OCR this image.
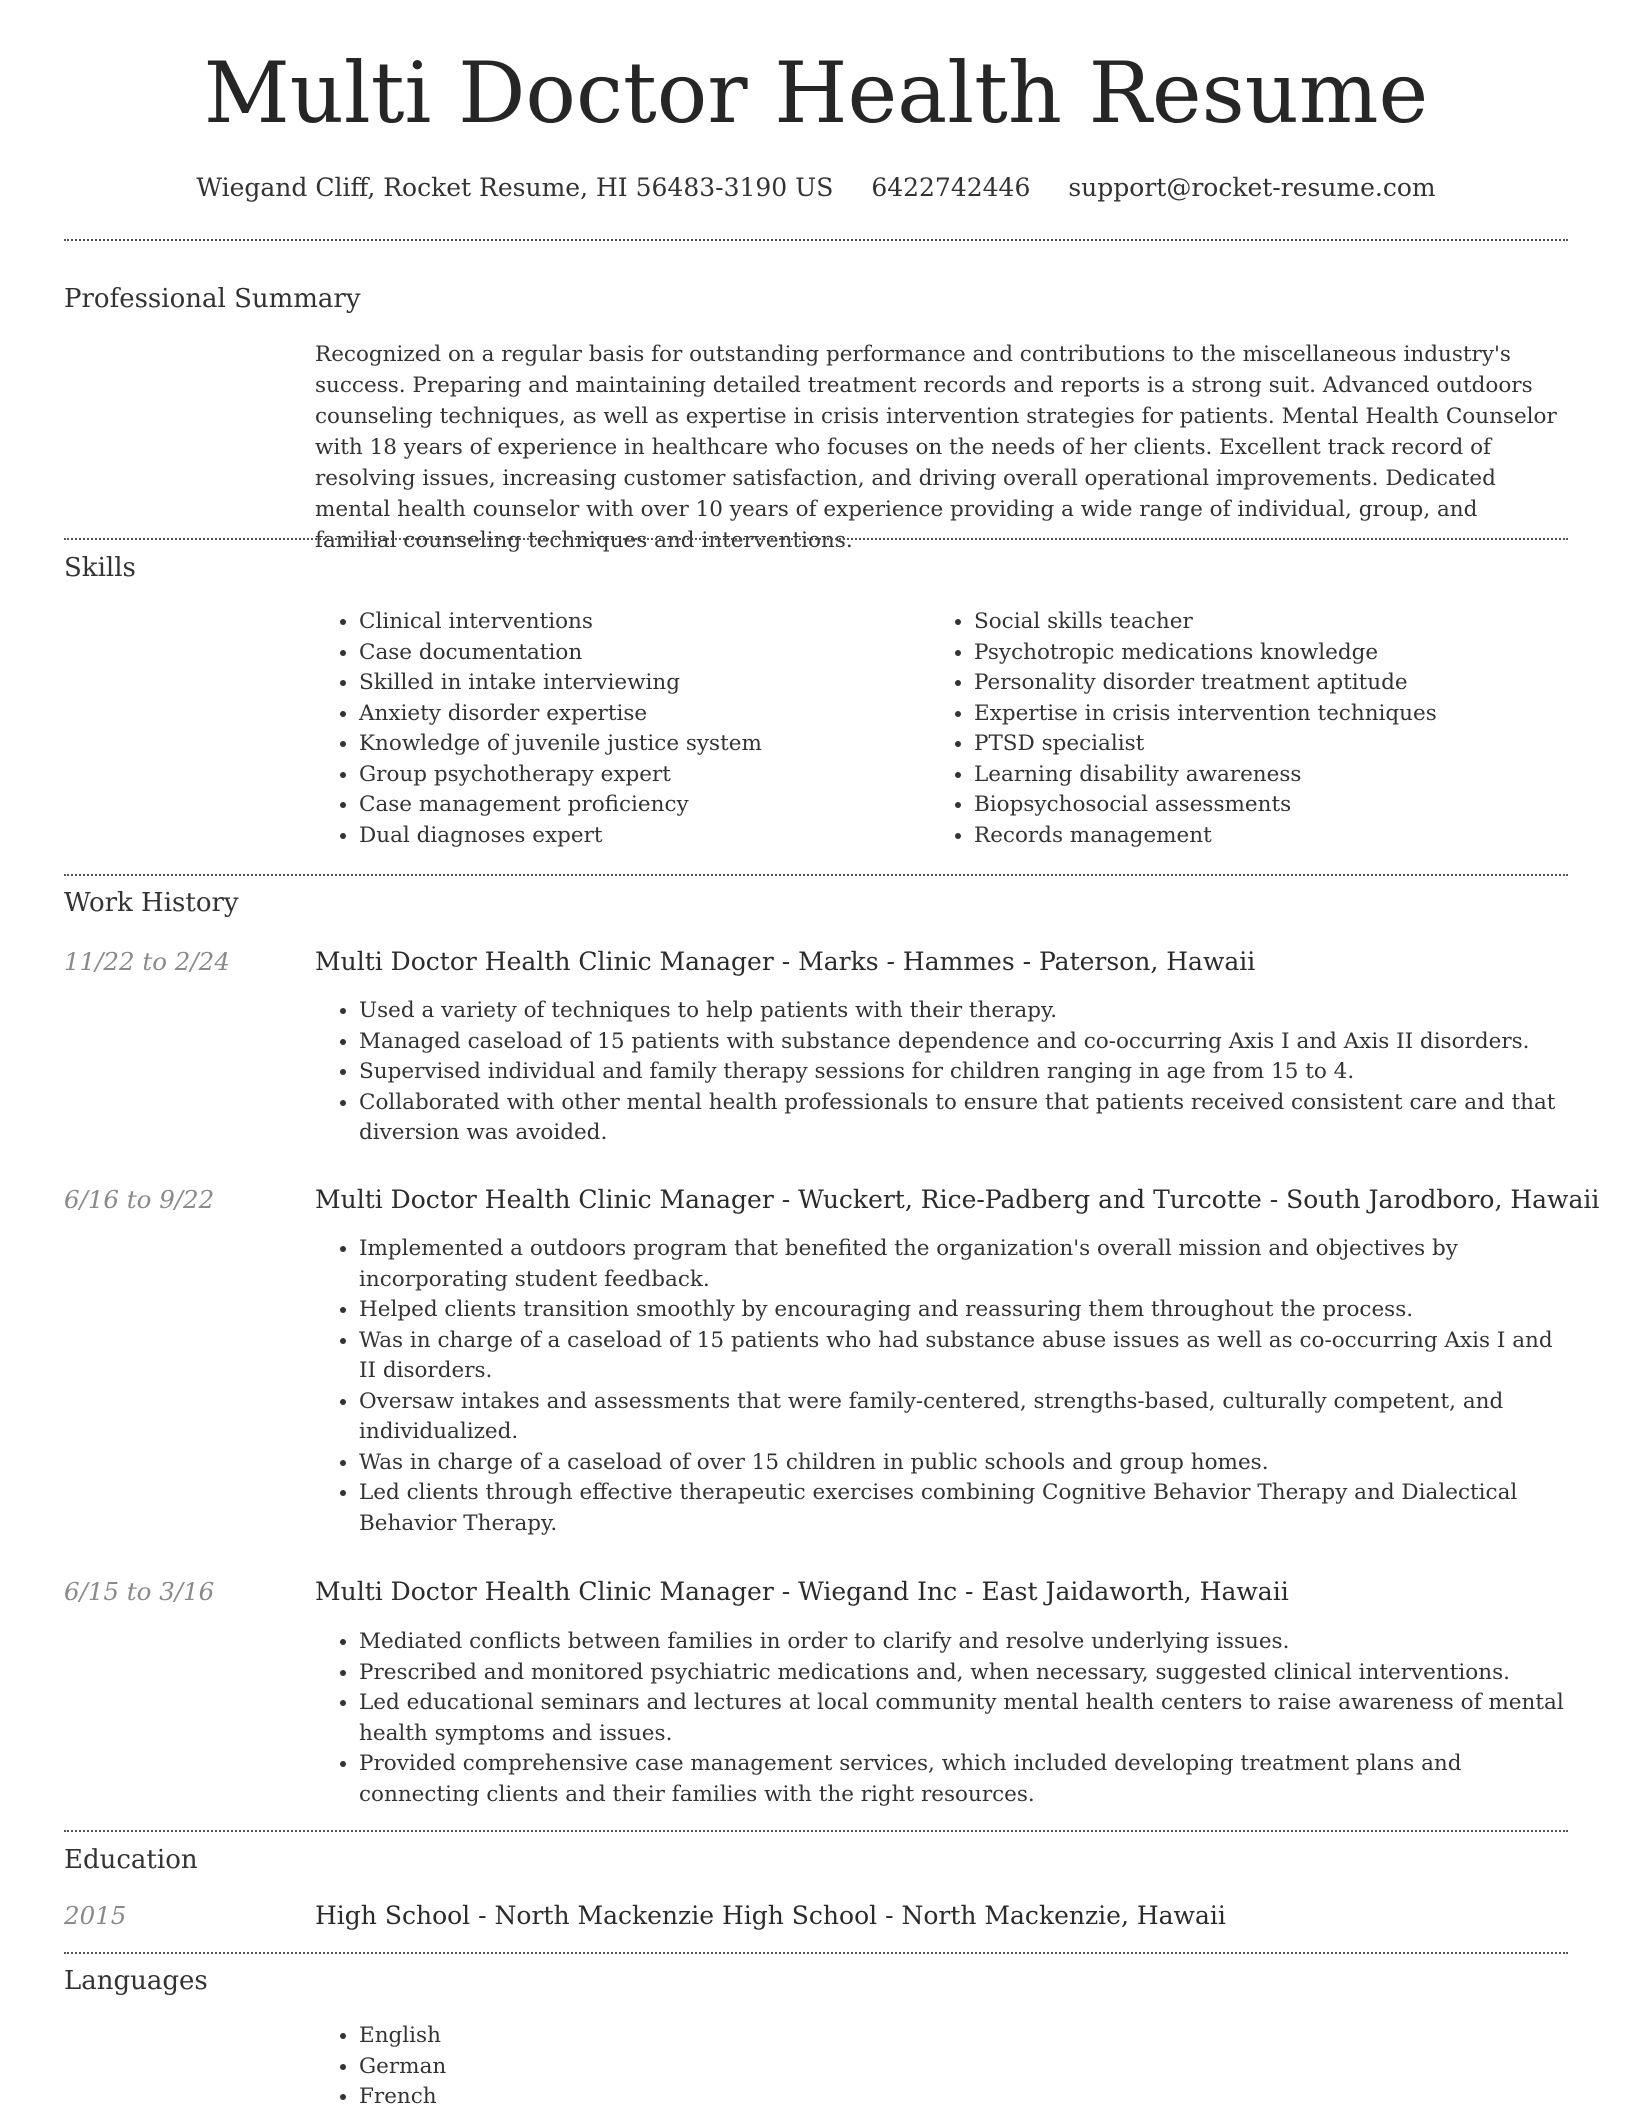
Multi Doctor Health Resume
Wiegand Cliff, Rocket Resume, HI 56483-3190 US 6422742446 support@rocket-resume.com
Professional Summary
Recognized on a regular basis for outstanding performance and contributions to the miscellaneous industry's success. Preparing and maintaining detailed treatment records and reports is a strong suit. Advanced outdoors counseling techniques, as well as expertise in crisis intervention strategies for patients. Mental Health Counselor with 18 years of experience in healthcare who focuses on the needs of her clients. Excellent track record of resolving issues, increasing customer satisfaction, and driving overall operational improvements. Dedicated mental health counselor with over 10 years of experience providing a wide range of individual, group, and familial counseling techniques and interventions.
Skills
• Clinical interventions
• Case documentation
• Skilled in intake interviewing
• Anxiety disorder expertise
• Knowledge of juvenile justice system
• Group psychotherapy expert
• Case management proficiency
• Dual diagnoses expert
• Social skills teacher
• Psychotropic medications knowledge
• Personality disorder treatment aptitude
• Expertise in crisis intervention techniques
• PTSD specialist
• Learning disability awareness
• Biopsychosocial assessments
• Records management
Work History
11/22 to 2/24	Multi Doctor Health Clinic Manager - Marks - Hammes - Paterson, Hawaii
• Used a variety of techniques to help patients with their therapy.
• Managed caseload of 15 patients with substance dependence and co-occurring Axis I and Axis II disorders.
• Supervised individual and family therapy sessions for children ranging in age from 15 to 4.
• Collaborated with other mental health professionals to ensure that patients received consistent care and that diversion was avoided.
6/16 to 9/22	Multi Doctor Health Clinic Manager - Wuckert, Rice-Padberg and Turcotte - South Jarodboro, Hawaii
• Implemented a outdoors program that benefited the organization's overall mission and objectives by incorporating student feedback.
• Helped clients transition smoothly by encouraging and reassuring them throughout the process.
• Was in charge of a caseload of 15 patients who had substance abuse issues as well as co-occurring Axis I and II disorders.
• Oversaw intakes and assessments that were family-centered, strengths-based, culturally competent, and individualized.
• Was in charge of a caseload of over 15 children in public schools and group homes.
• Led clients through effective therapeutic exercises combining Cognitive Behavior Therapy and Dialectical Behavior Therapy.
6/15 to 3/16	Multi Doctor Health Clinic Manager - Wiegand Inc - East Jaidaworth, Hawaii
• Mediated conflicts between families in order to clarify and resolve underlying issues.
• Prescribed and monitored psychiatric medications and, when necessary, suggested clinical interventions.
• Led educational seminars and lectures at local community mental health centers to raise awareness of mental health symptoms and issues.
• Provided comprehensive case management services, which included developing treatment plans and connecting clients and their families with the right resources.
Education
2015	High School - North Mackenzie High School - North Mackenzie, Hawaii
Languages
• English
• German
• French
